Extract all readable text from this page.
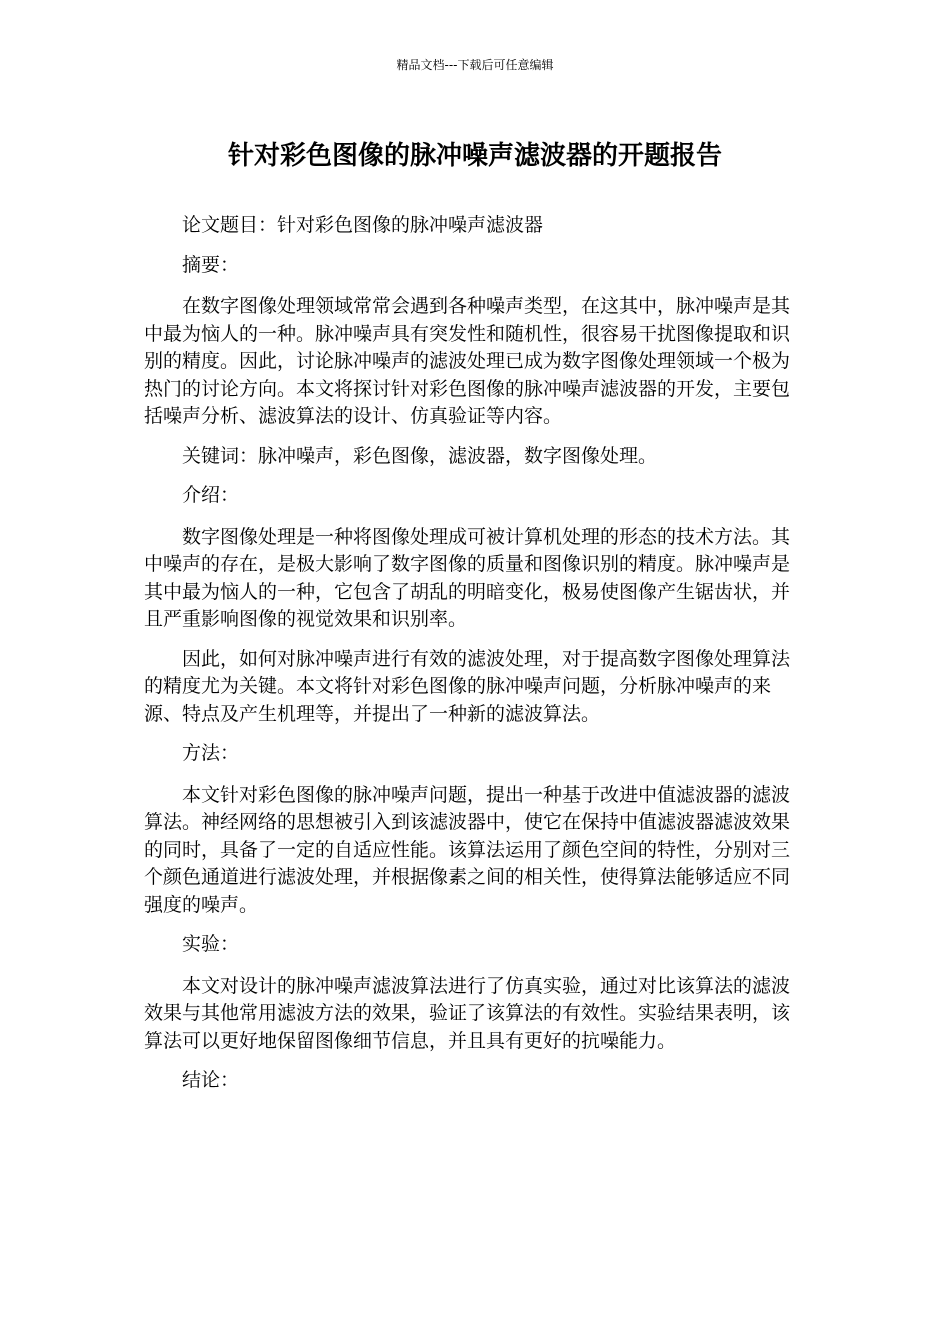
精品文档---下载后可任意编辑
针对彩色图像的脉冲噪声滤波器的开题报告

论文题目：针对彩色图像的脉冲噪声滤波器

摘要：

在数字图像处理领域常常会遇到各种噪声类型，在这其中，脉冲噪声是其中最为恼人的一种。脉冲噪声具有突发性和随机性，很容易干扰图像提取和识别的精度。因此，讨论脉冲噪声的滤波处理已成为数字图像处理领域一个极为热门的讨论方向。本文将探讨针对彩色图像的脉冲噪声滤波器的开发，主要包括噪声分析、滤波算法的设计、仿真验证等内容。

关键词：脉冲噪声，彩色图像，滤波器，数字图像处理。

介绍：

数字图像处理是一种将图像处理成可被计算机处理的形态的技术方法。其中噪声的存在，是极大影响了数字图像的质量和图像识别的精度。脉冲噪声是其中最为恼人的一种，它包含了胡乱的明暗变化，极易使图像产生锯齿状，并且严重影响图像的视觉效果和识别率。

因此，如何对脉冲噪声进行有效的滤波处理，对于提高数字图像处理算法的精度尤为关键。本文将针对彩色图像的脉冲噪声问题，分析脉冲噪声的来源、特点及产生机理等，并提出了一种新的滤波算法。

方法：

本文针对彩色图像的脉冲噪声问题，提出一种基于改进中值滤波器的滤波算法。神经网络的思想被引入到该滤波器中，使它在保持中值滤波器滤波效果的同时，具备了一定的自适应性能。该算法运用了颜色空间的特性，分别对三个颜色通道进行滤波处理，并根据像素之间的相关性，使得算法能够适应不同强度的噪声。

实验：

本文对设计的脉冲噪声滤波算法进行了仿真实验，通过对比该算法的滤波效果与其他常用滤波方法的效果，验证了该算法的有效性。实验结果表明，该算法可以更好地保留图像细节信息，并且具有更好的抗噪能力。

结论：
